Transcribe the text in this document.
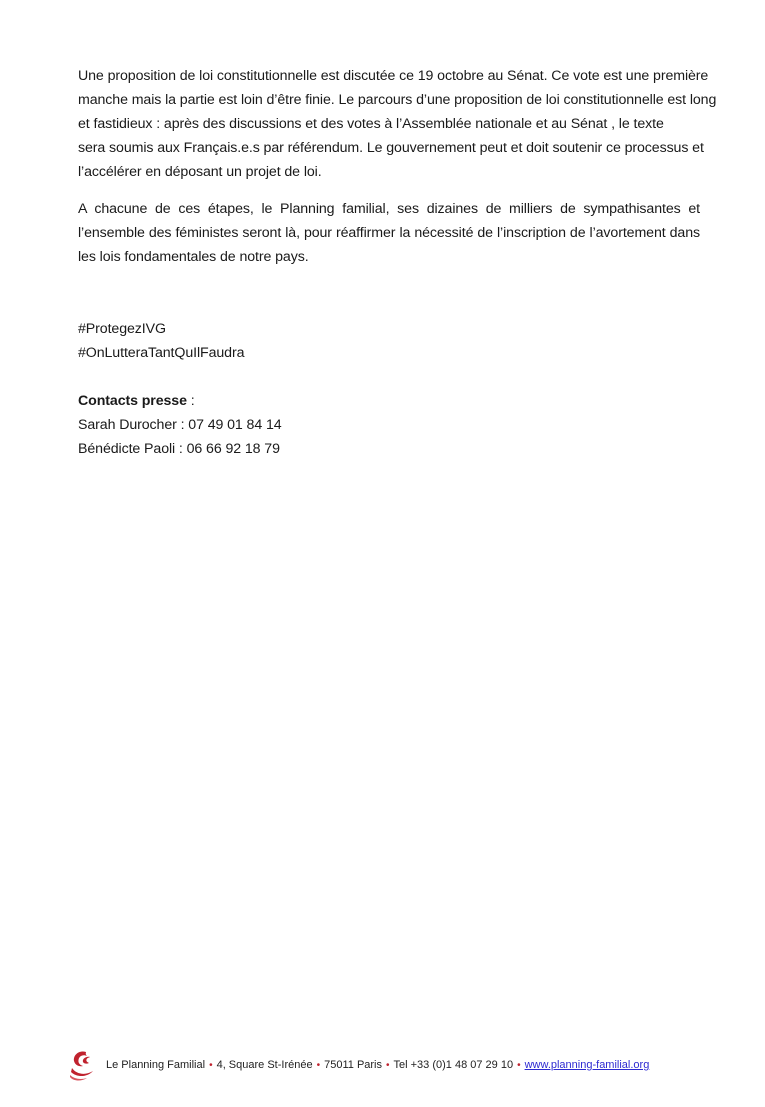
Une proposition de loi constitutionnelle est discutée ce 19 octobre au Sénat. Ce vote est une première
manche mais la partie est loin d’être finie. Le parcours d’une proposition de loi constitutionnelle est long
et fastidieux : après des discussions et des votes à l’Assemblée nationale et au Sénat , le texte
sera soumis aux Français.e.s par référendum. Le gouvernement peut et doit soutenir ce processus et
l’accélérer en déposant un projet de loi.
A chacune de ces étapes, le Planning familial, ses dizaines de milliers de sympathisantes et l’ensemble des féministes seront là, pour réaffirmer la nécessité de l’inscription de l’avortement dans les lois fondamentales de notre pays.
#ProtegezIVG
#OnLutteraTantQuIlFaudra
Contacts presse :
Sarah Durocher : 07 49 01 84 14
Bénédicte Paoli : 06 66 92 18 79
Le Planning Familial • 4, Square St-Irénée • 75011 Paris • Tel +33 (0)1 48 07 29 10 • www.planning-familial.org
